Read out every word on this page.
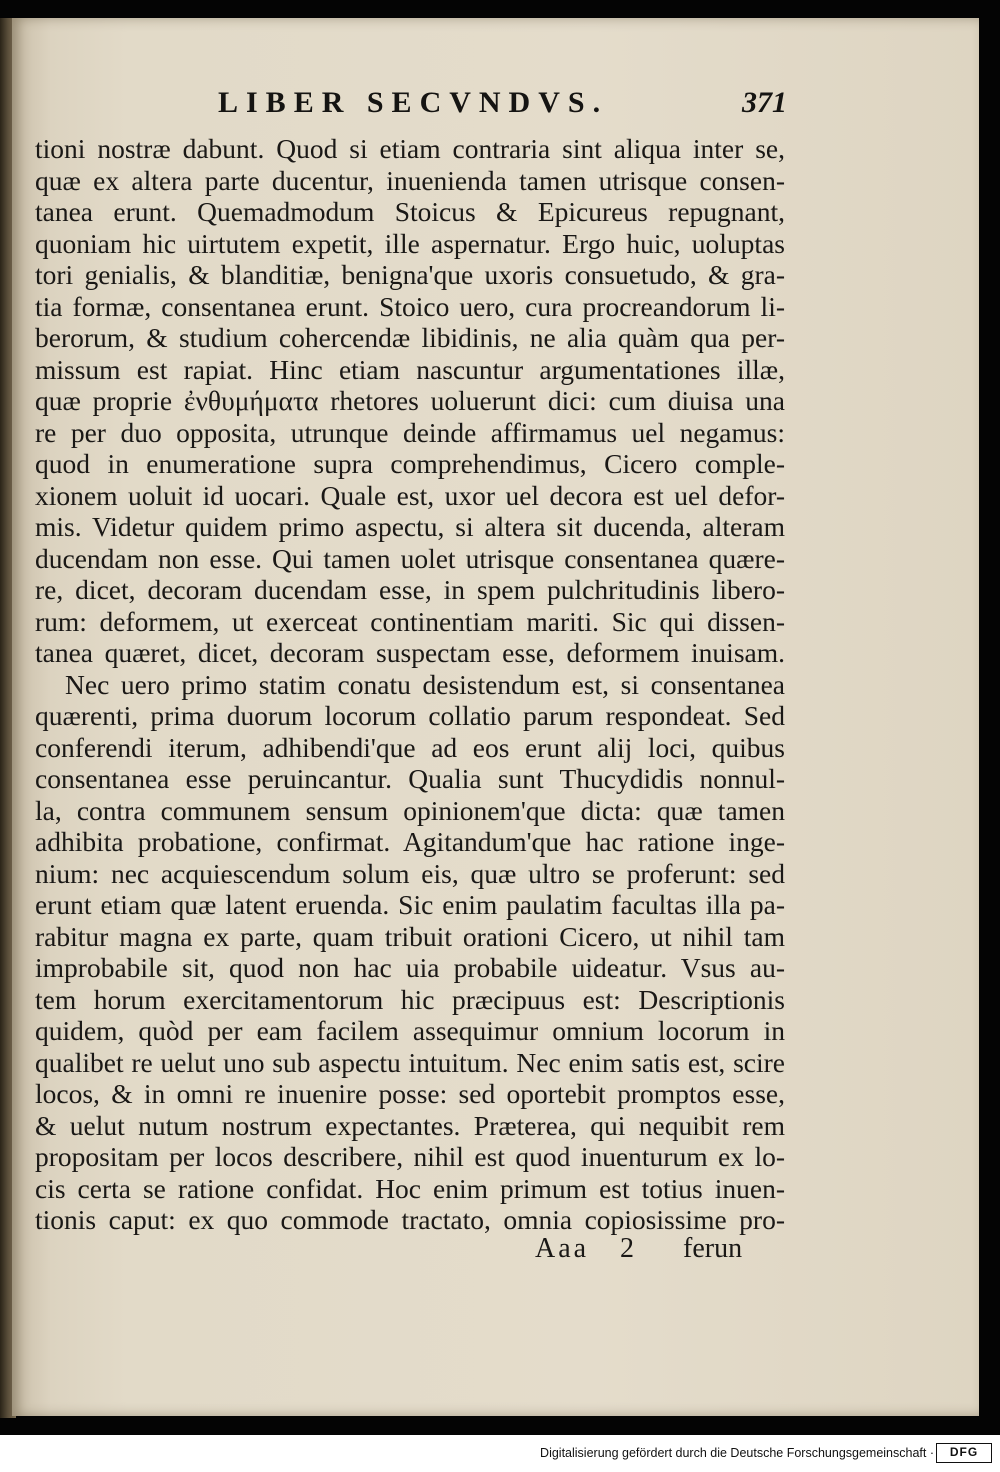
LIBER SECVNDVS.	371
tioni nostræ dabunt. Quod si etiam contraria sint aliqua inter se,
quæ ex altera parte ducentur, inuenienda tamen utrisque consen-
tanea erunt. Quemadmodum Stoicus & Epicureus repugnant,
quoniam hic uirtutem expetit, ille aspernatur. Ergo huic, uoluptas
tori genialis, & blanditiæ, benigna'que uxoris consuetudo, & gra-
tia formæ, consentanea erunt. Stoico uero, cura procreandorum li-
berorum, & studium cohercendæ libidinis, ne alia quàm qua per-
missum est rapiat. Hinc etiam nascuntur argumentationes illæ,
quæ proprie ἐνθυμήματα rhetores uoluerunt dici: cum diuisa una
re per duo opposita, utrunque deinde affirmamus uel negamus:
quod in enumeratione supra comprehendimus, Cicero comple-
xionem uoluit id uocari. Quale est, uxor uel decora est uel defor-
mis. Videtur quidem primo aspectu, si altera sit ducenda, alteram
ducendam non esse. Qui tamen uolet utrisque consentanea quære-
re, dicet, decoram ducendam esse, in spem pulchritudinis libero-
rum: deformem, ut exerceat continentiam mariti. Sic qui dissen-
tanea quæret, dicet, decoram suspectam esse, deformem inuisam.
Nec uero primo statim conatu desistendum est, si consentanea
quærenti, prima duorum locorum collatio parum respondeat. Sed
conferendi iterum, adhibendi'que ad eos erunt alij loci, quibus
consentanea esse peruincantur. Qualia sunt Thucydidis nonnul-
la, contra communem sensum opinionem'que dicta: quæ tamen
adhibita probatione, confirmat. Agitandum'que hac ratione inge-
nium: nec acquiescendum solum eis, quæ ultro se proferunt: sed
erunt etiam quæ latent eruenda. Sic enim paulatim facultas illa pa-
rabitur magna ex parte, quam tribuit orationi Cicero, ut nihil tam
improbabile sit, quod non hac uia probabile uideatur. Vsus au-
tem horum exercitamentorum hic præcipuus est: Descriptionis
quidem, quòd per eam facilem assequimur omnium locorum in
qualibet re uelut uno sub aspectu intuitum. Nec enim satis est, scire
locos, & in omni re inuenire posse: sed oportebit promptos esse,
& uelut nutum nostrum expectantes. Præterea, qui nequibit rem
propositam per locos describere, nihil est quod inuenturum ex lo-
cis certa se ratione confidat. Hoc enim primum est totius inuen-
tionis caput: ex quo commode tractato, omnia copiosissime pro-
Aaa 2 ferun
Digitalisierung gefördert durch die Deutsche Forschungsgemeinschaft ·	DFG
